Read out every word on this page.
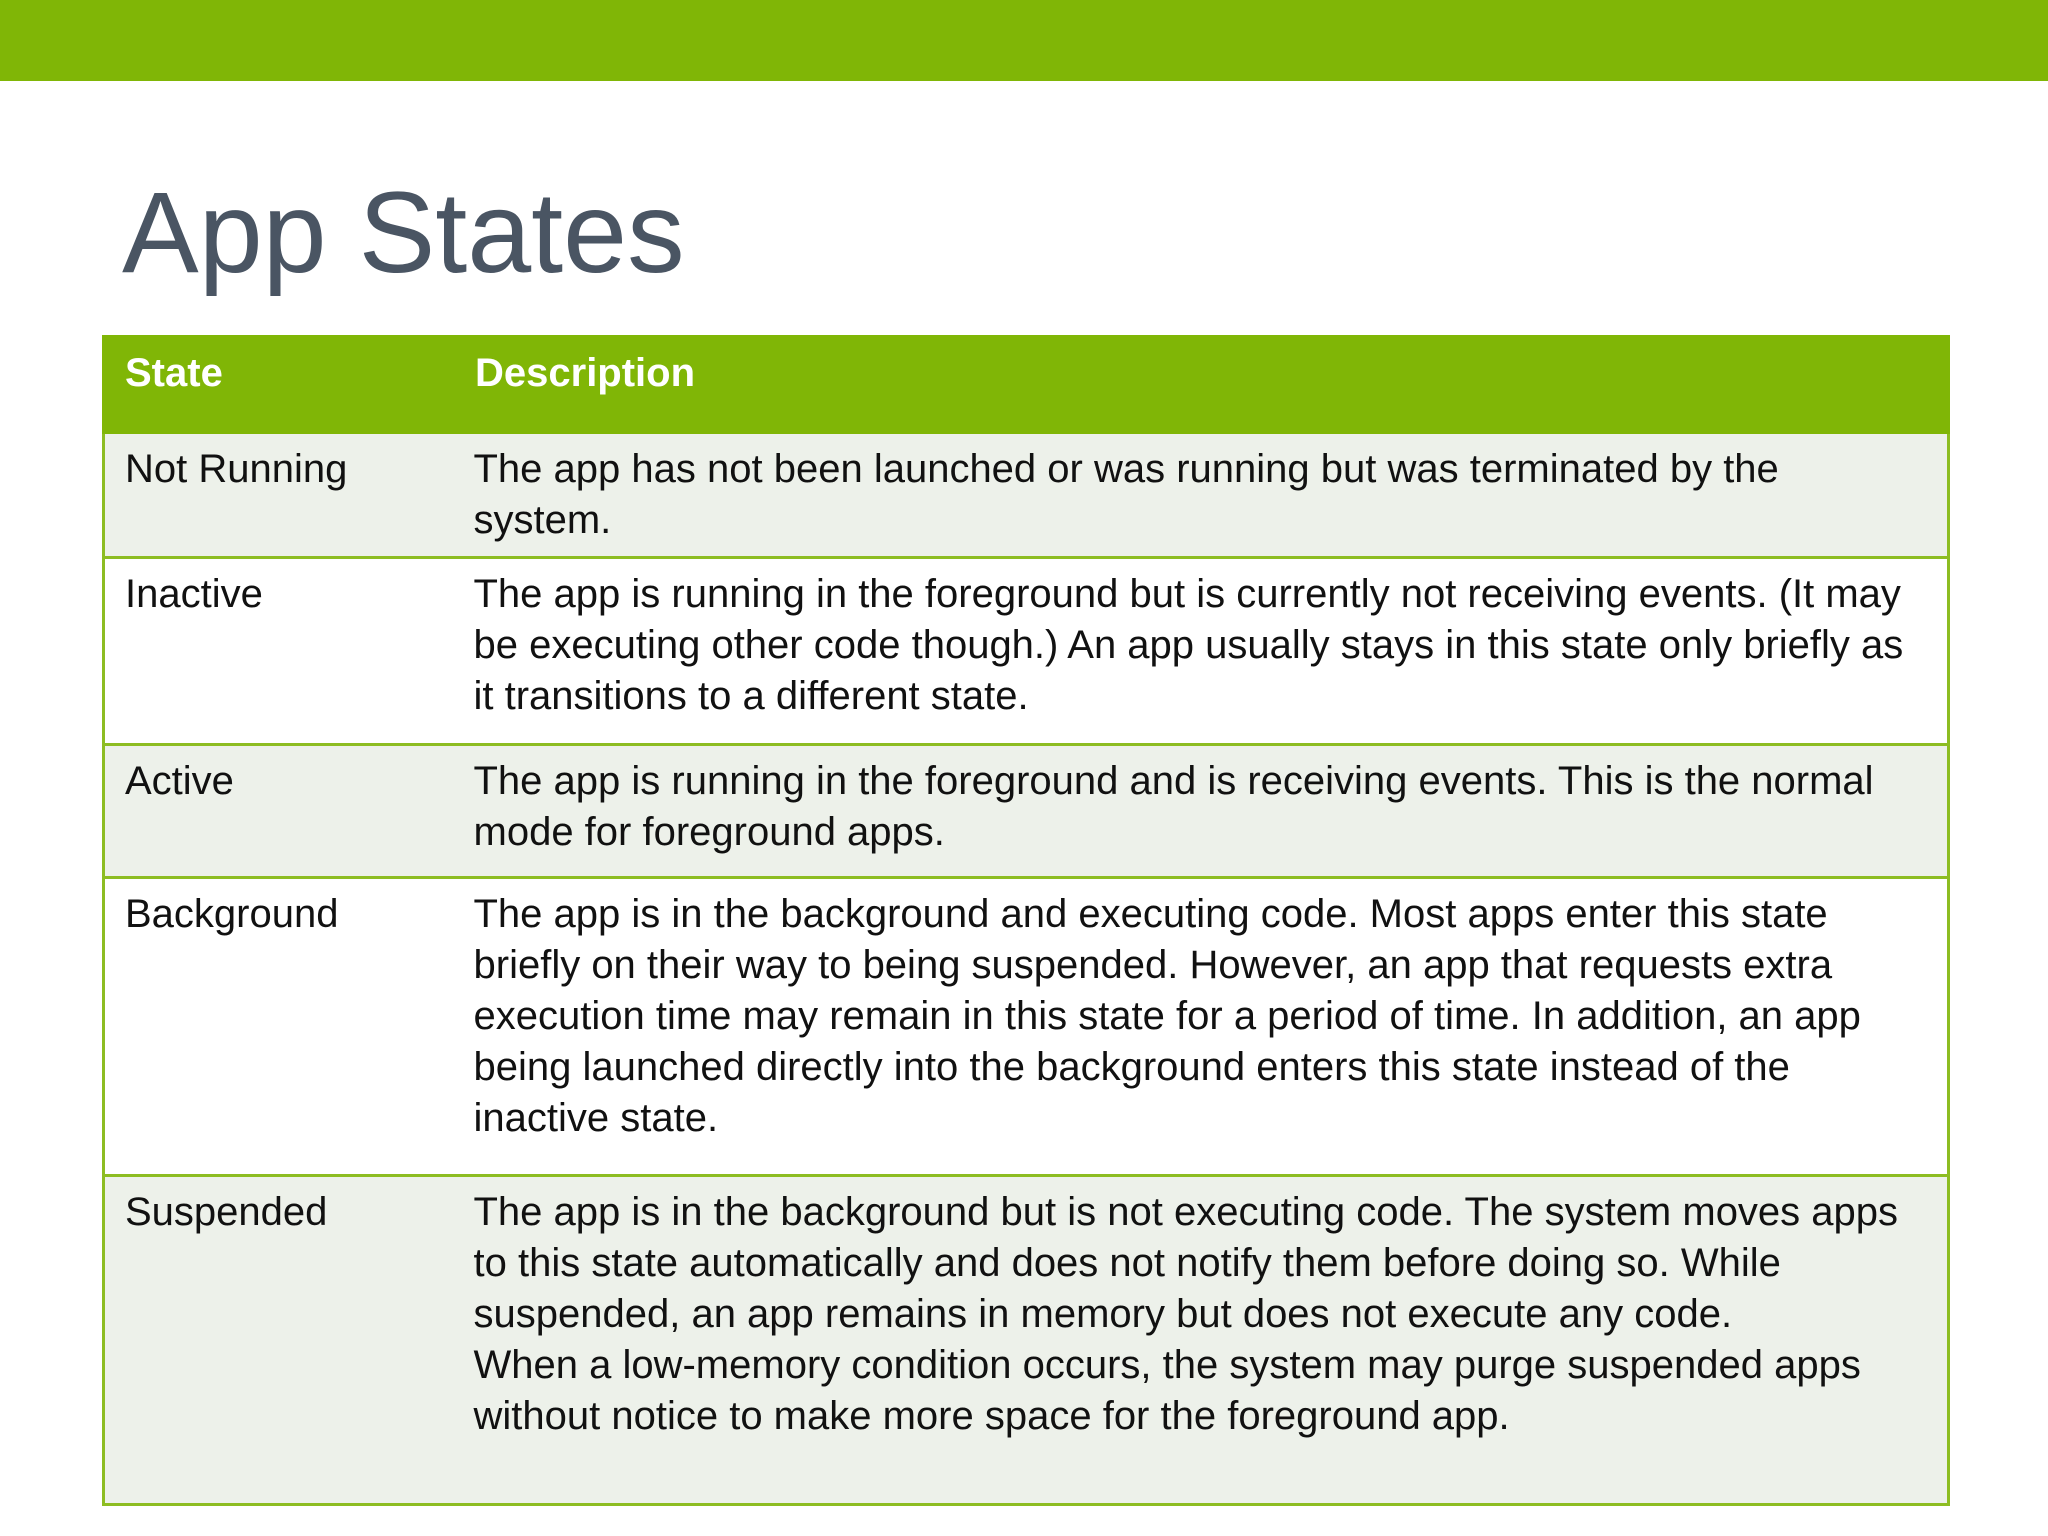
App States
State	Description
Not Running	The app has not been launched or was running but was terminated by the system.
Inactive	The app is running in the foreground but is currently not receiving events. (It may be executing other code though.) An app usually stays in this state only briefly as it transitions to a different state.
Active	The app is running in the foreground and is receiving events. This is the normal mode for foreground apps.
Background	The app is in the background and executing code. Most apps enter this state briefly on their way to being suspended. However, an app that requests extra execution time may remain in this state for a period of time. In addition, an app being launched directly into the background enters this state instead of the inactive state.
Suspended	The app is in the background but is not executing code. The system moves apps to this state automatically and does not notify them before doing so. While suspended, an app remains in memory but does not execute any code.
When a low-memory condition occurs, the system may purge suspended apps without notice to make more space for the foreground app.
